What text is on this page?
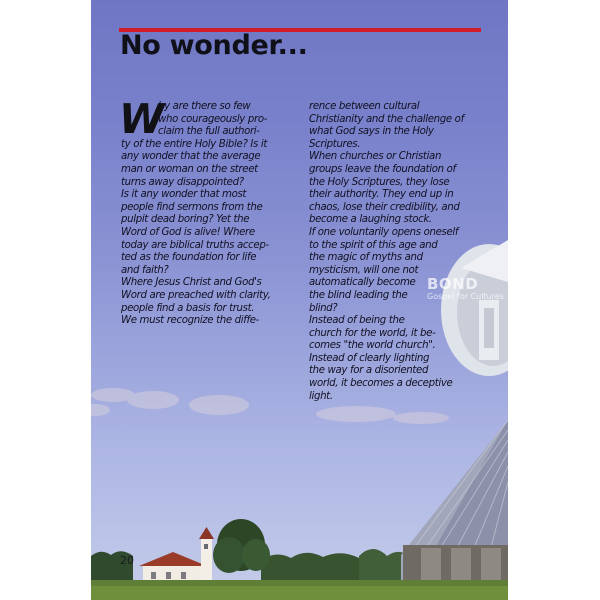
No wonder...
W
hy are there so few
who courageously pro-
claim the full authori-
ty of the entire Holy Bible? Is it
any wonder that the average
man or woman on the street
turns away disappointed?
Is it any wonder that most
people find sermons from the
pulpit dead boring? Yet the
Word of God is alive! Where
today are biblical truths accep-
ted as the foundation for life
and faith?
Where Jesus Christ and God's
Word are preached with clarity,
people find a basis for trust.
We must recognize the diffe-
rence between cultural
Christianity and the challenge of
what God says in the Holy
Scriptures.
When churches or Christian
groups leave the foundation of
the Holy Scriptures, they lose
their authority. They end up in
chaos, lose their credibility, and
become a laughing stock.
If one voluntarily opens oneself
to the spirit of this age and
the magic of myths and
mysticism, will one not
automatically become
the blind leading the
blind?
Instead of being the
church for the world, it be-
comes "the world church".
Instead of clearly lighting
the way for a disoriented
world, it becomes a deceptive
light.
BOND
Gospel for Cultures
20
